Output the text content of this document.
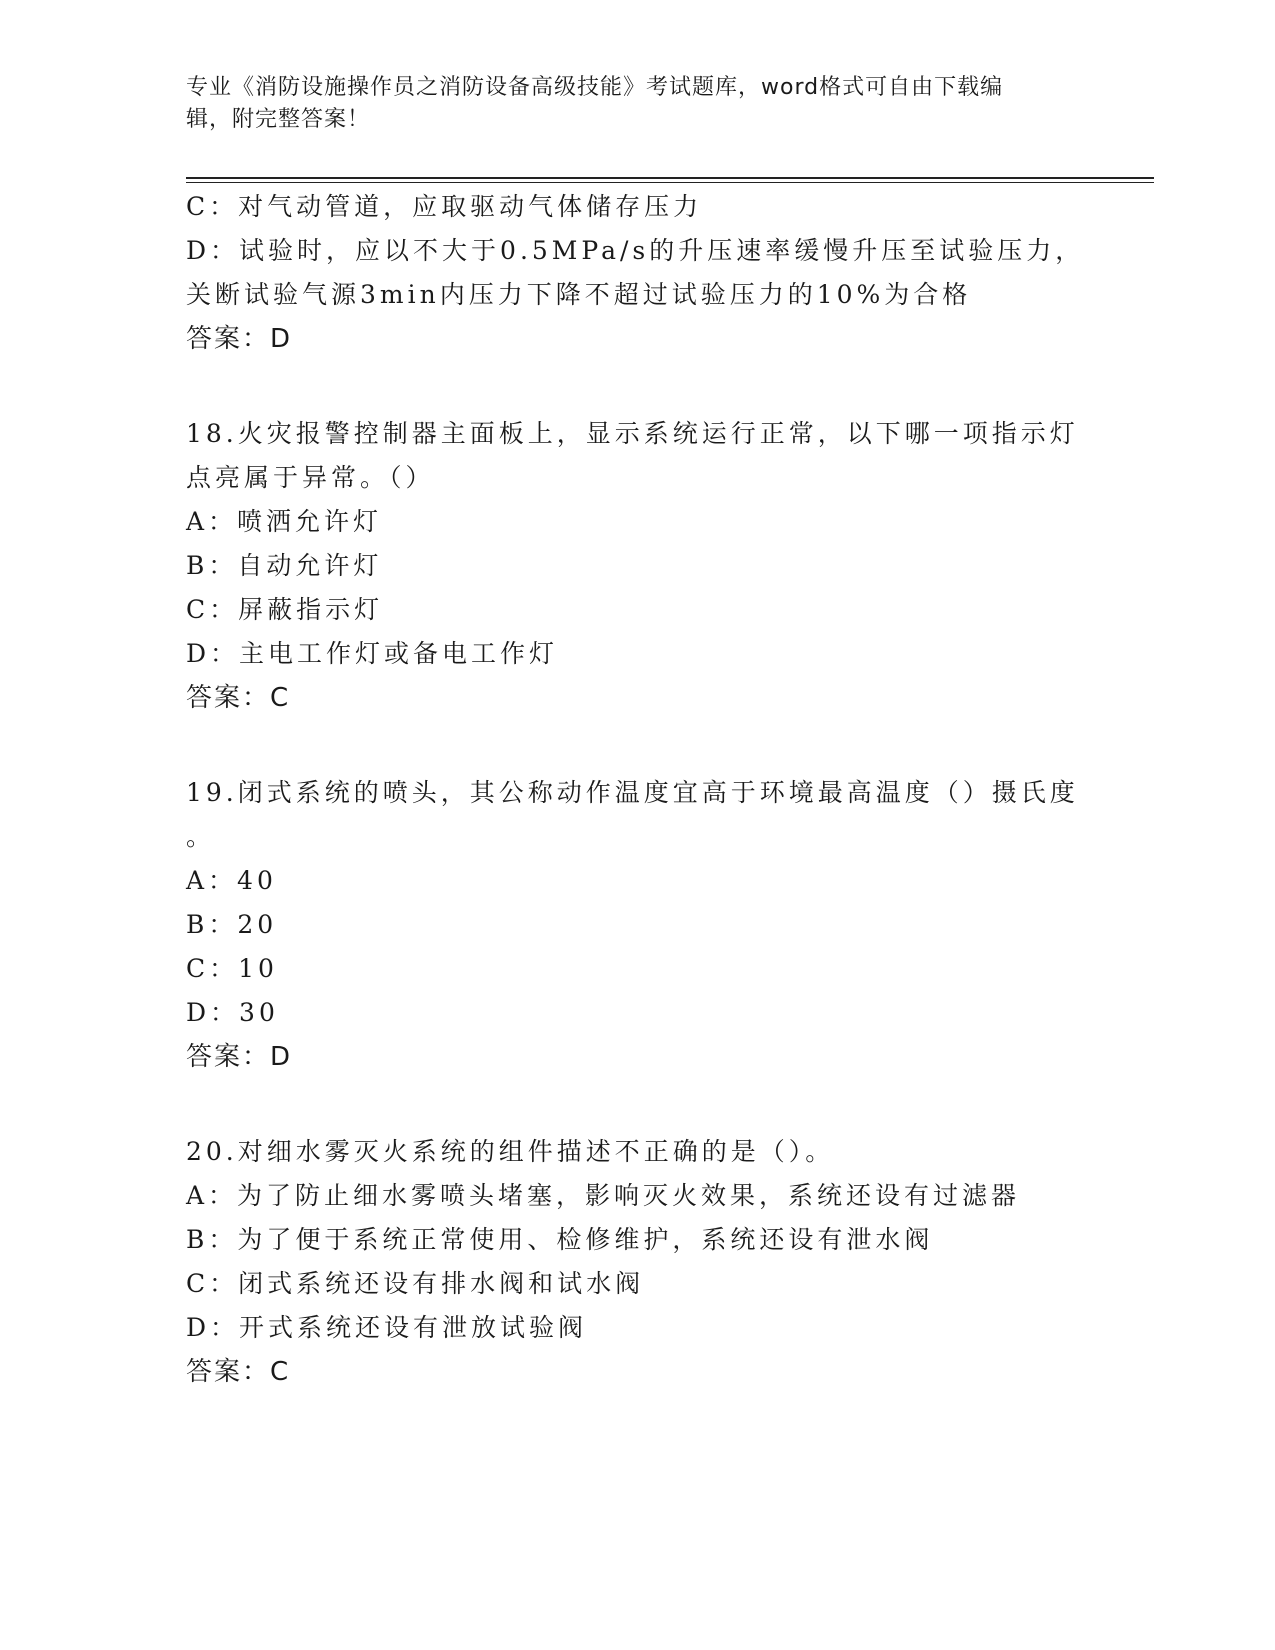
专业《消防设施操作员之消防设备高级技能》考试题库，word格式可自由下载编
辑，附完整答案！
C：对气动管道，应取驱动气体储存压力
D：试验时，应以不大于0.5MPa/s的升压速率缓慢升压至试验压力，
关断试验气源3min内压力下降不超过试验压力的10%为合格
答案：D
18.火灾报警控制器主面板上，显示系统运行正常，以下哪一项指示灯
点亮属于异常。（）
A：喷洒允许灯
B：自动允许灯
C：屏蔽指示灯
D：主电工作灯或备电工作灯
答案：C
19.闭式系统的喷头，其公称动作温度宜高于环境最高温度（）摄氏度
。
A：40
B：20
C：10
D：30
答案：D
20.对细水雾灭火系统的组件描述不正确的是（）。
A：为了防止细水雾喷头堵塞，影响灭火效果，系统还设有过滤器
B：为了便于系统正常使用、检修维护，系统还设有泄水阀
C：闭式系统还设有排水阀和试水阀
D：开式系统还设有泄放试验阀
答案：C
